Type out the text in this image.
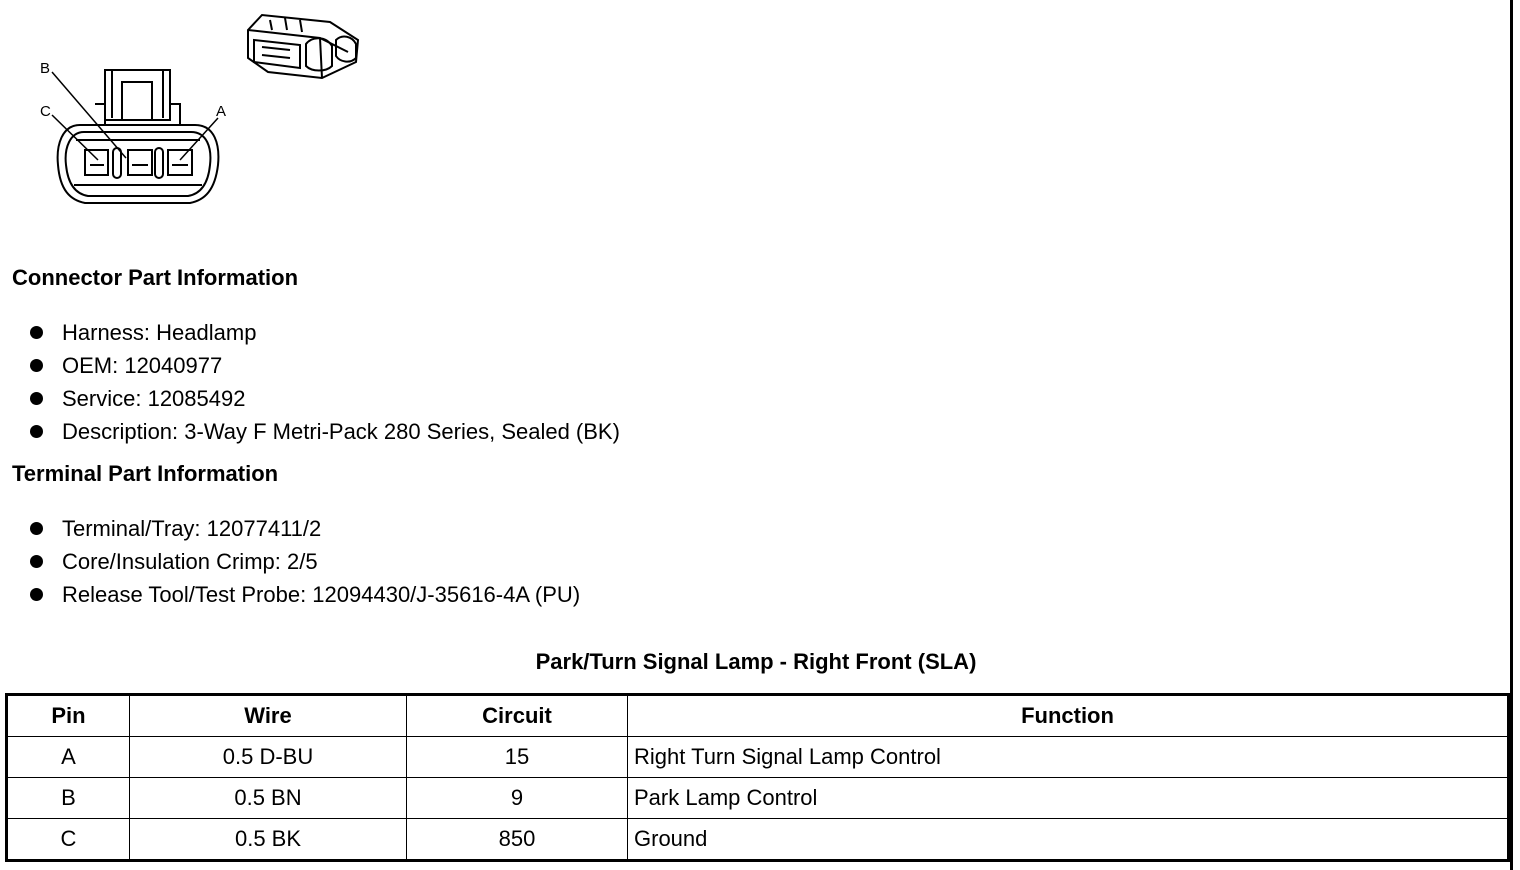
B
C	A
Connector Part Information
Harness: Headlamp
OEM: 12040977
Service: 12085492
Description: 3-Way F Metri-Pack 280 Series, Sealed (BK)
Terminal Part Information
Terminal/Tray: 12077411/2
Core/Insulation Crimp: 2/5
Release Tool/Test Probe: 12094430/J-35616-4A (PU)
Park/Turn Signal Lamp - Right Front (SLA)
Pin	Wire	Circuit	Function
A	0.5 D-BU	15	Right Turn Signal Lamp Control
B	0.5 BN	9	Park Lamp Control
C	0.5 BK	850	Ground
